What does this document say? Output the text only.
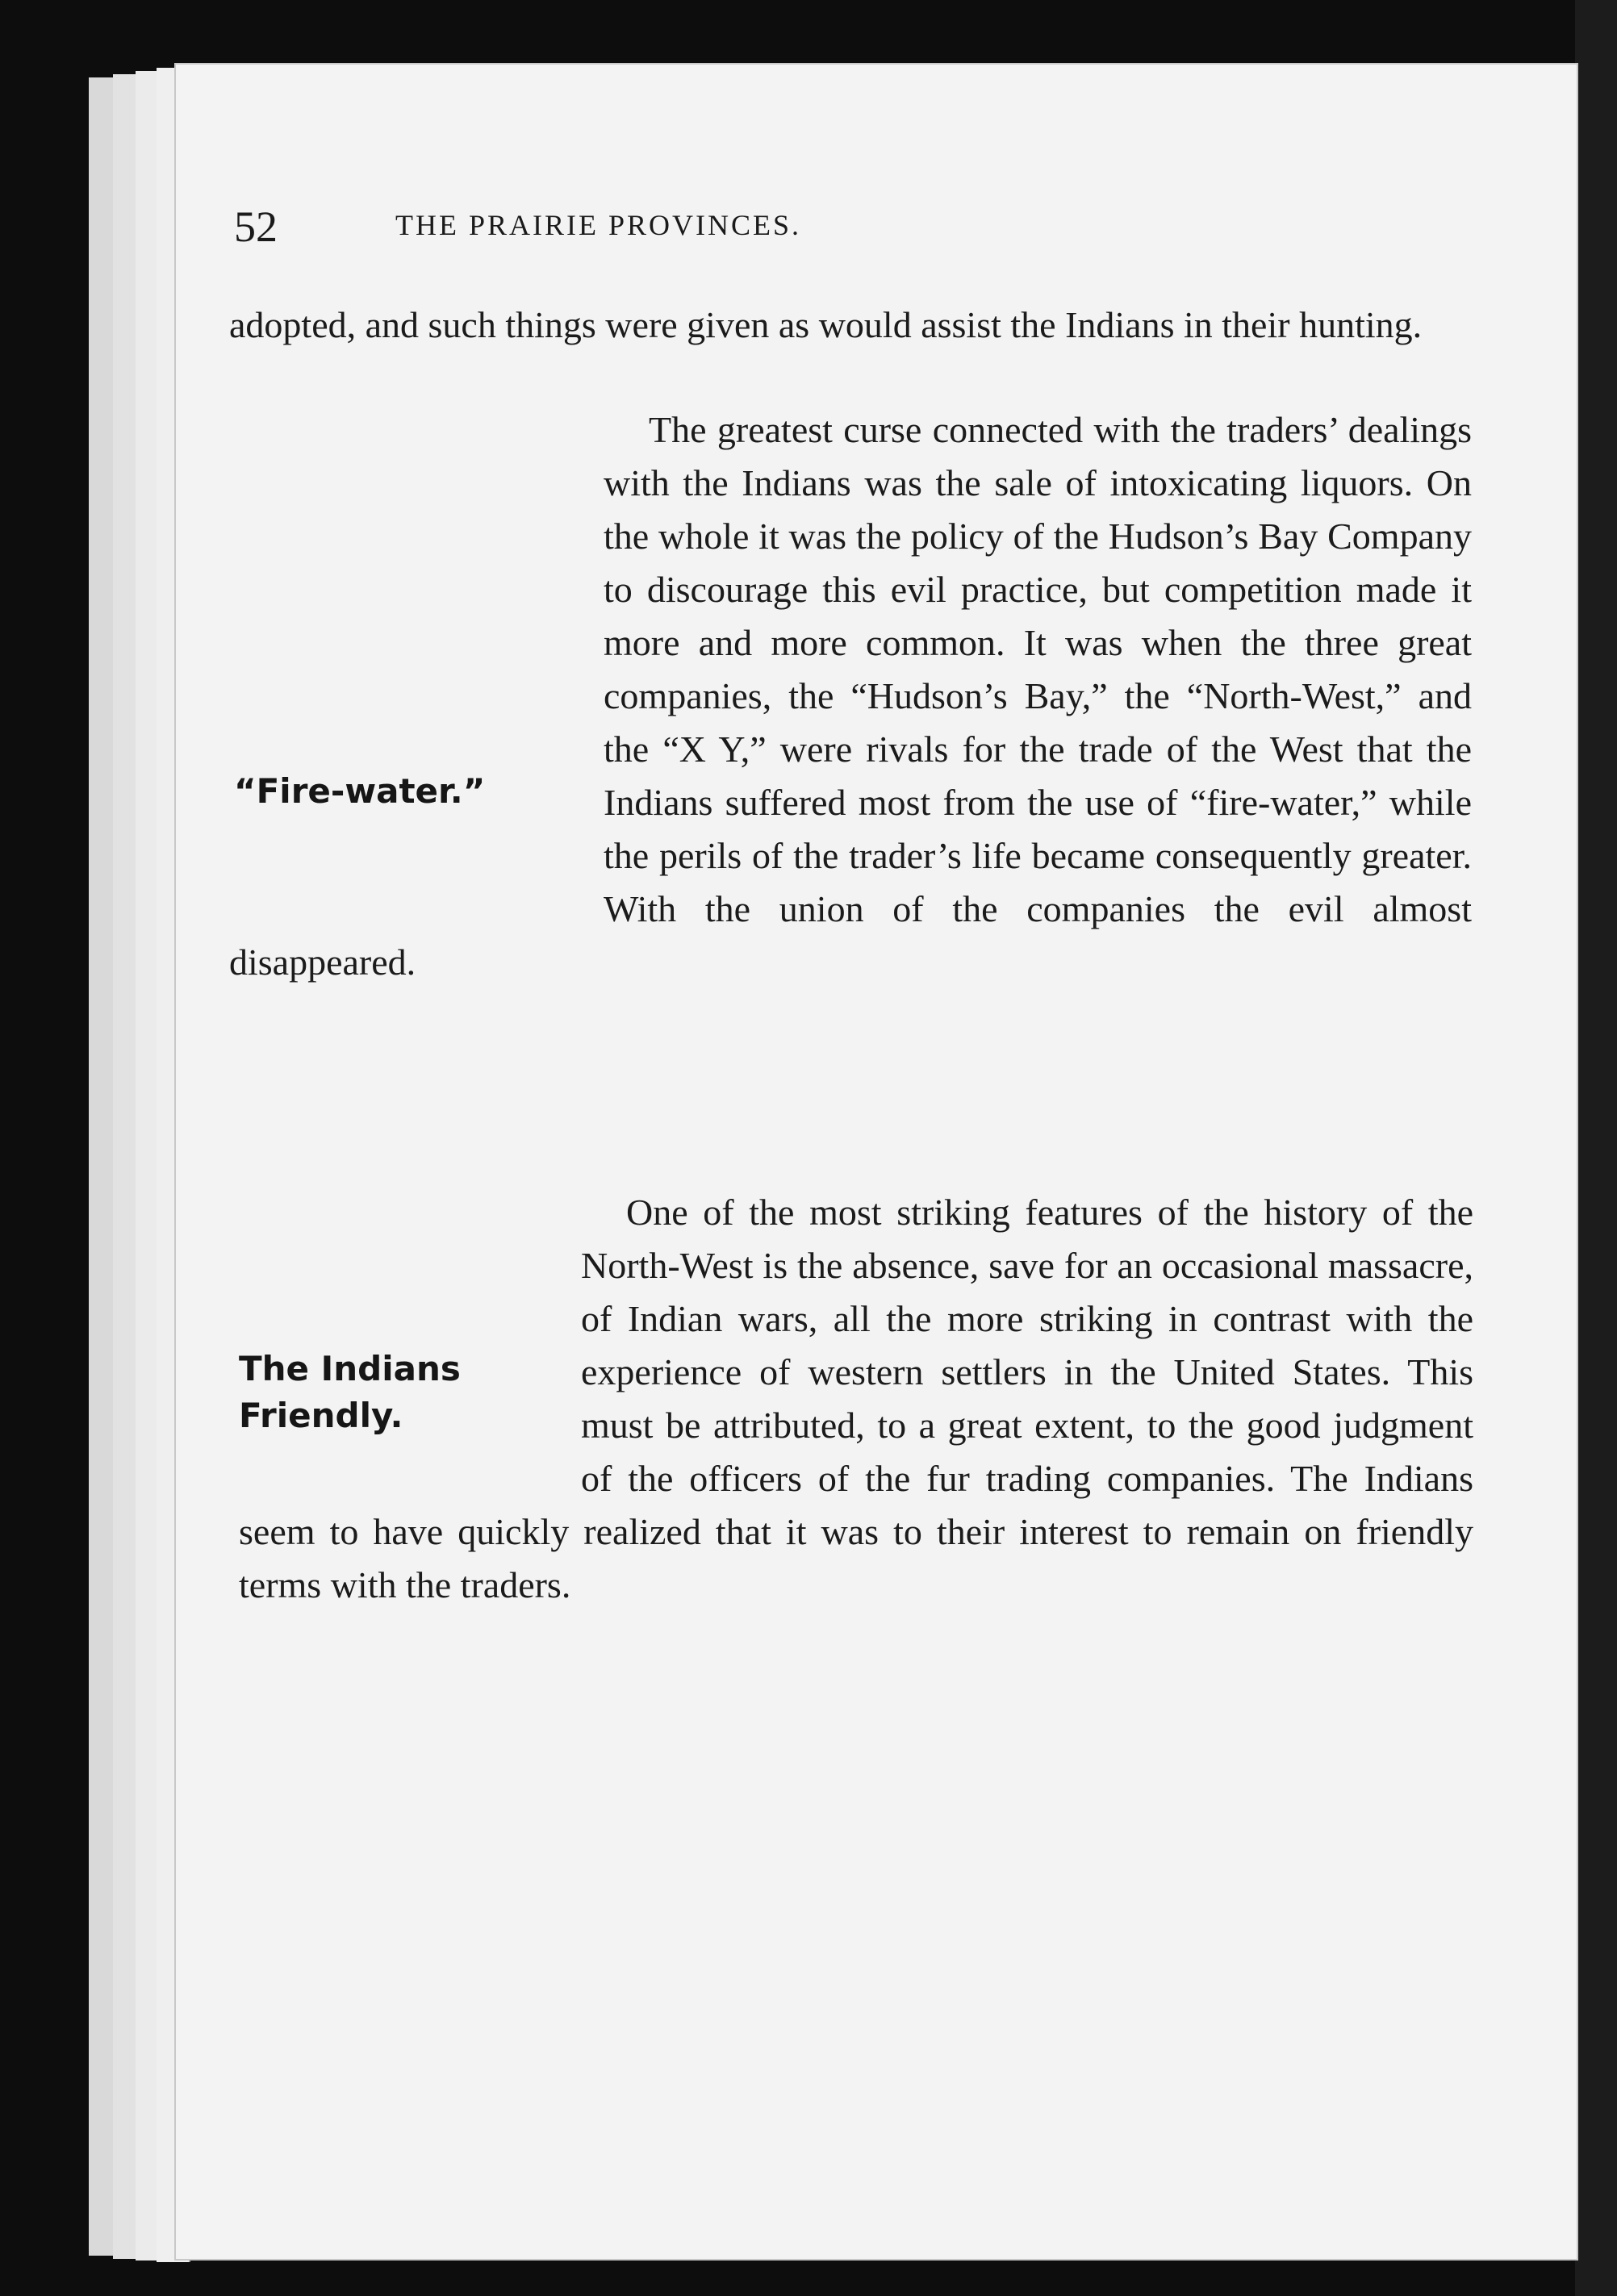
52	THE PRAIRIE PROVINCES.

adopted, and such things were given as would assist the Indians in their hunting.

The greatest curse connected with the traders’ dealings with the Indians was the sale of intoxicating liquors. On the whole it was the policy of the Hudson’s Bay Company to discourage this evil practice, but competition made it more and more common. It was when the three great companies, the “Hudson’s Bay,” the “North-West,” and the “X Y,” were rivals for the trade of the West that the Indians suffered most from the use of “fire-water,” while the perils of the trader’s life became consequently greater. With the union of the companies the evil almost disappeared.

“Fire-water.”

One of the most striking features of the history of the North-West is the absence, save for an occasional massacre, of Indian wars, all the more striking in contrast with the experience of western settlers in the United States. This must be attributed, to a great extent, to the good judgment of the officers of the fur trading companies. The Indians seem to have quickly realized that it was to their interest to remain on friendly terms with the traders.

The Indians
Friendly.
